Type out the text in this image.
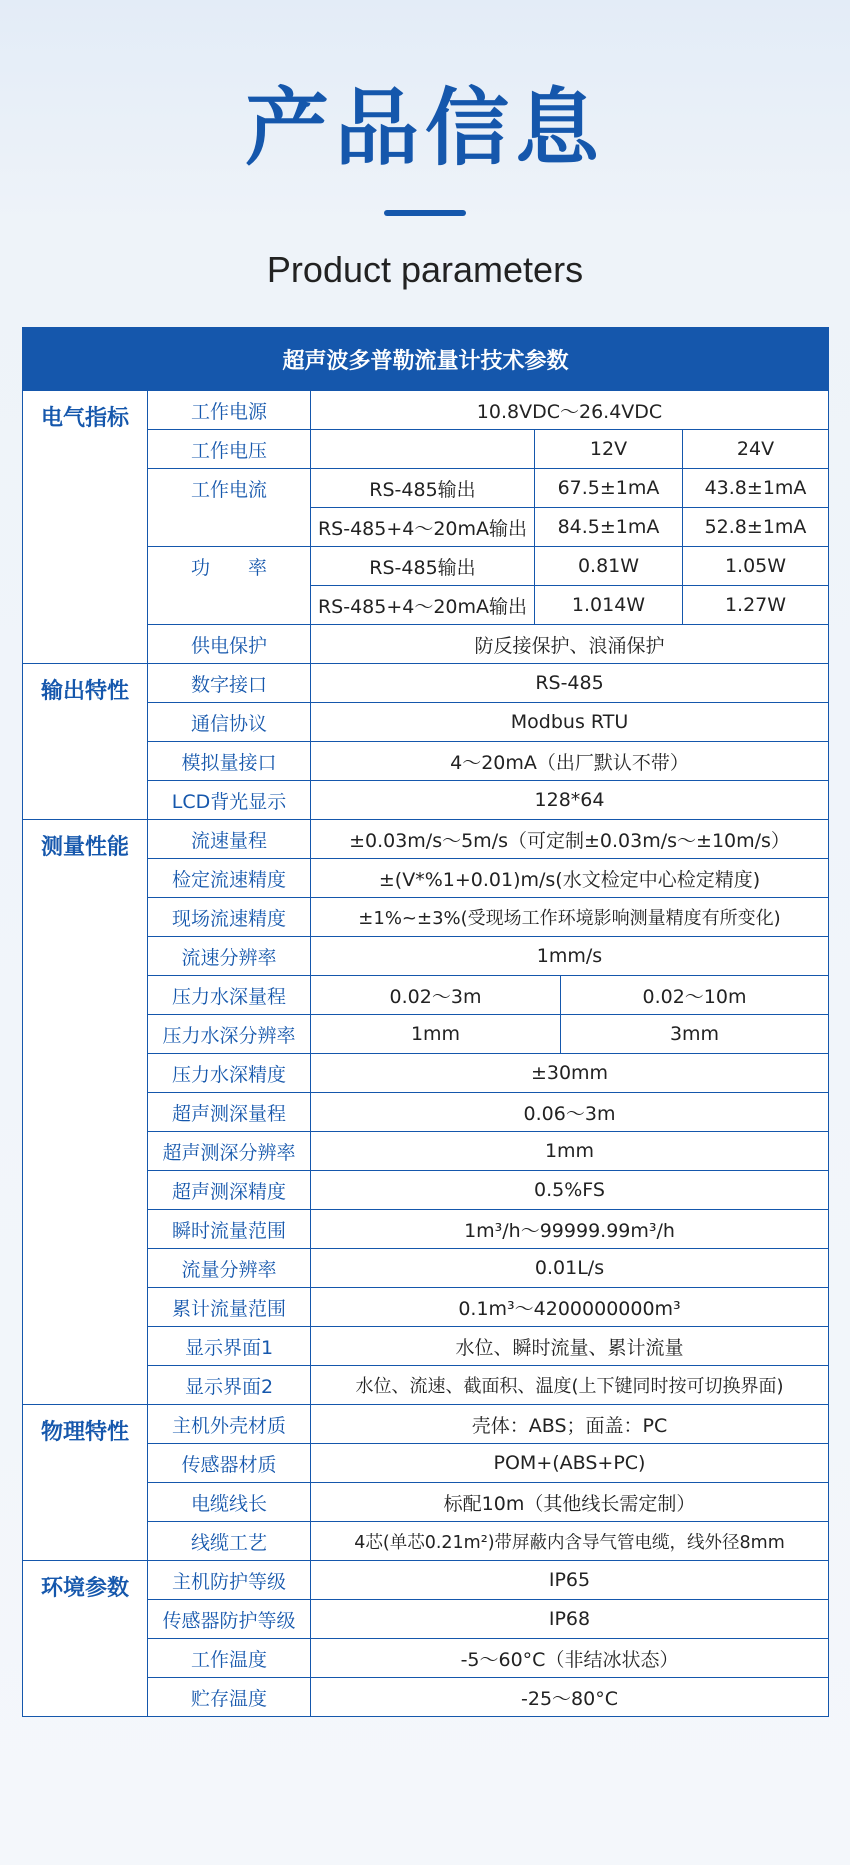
产品信息
Product parameters
超声波多普勒流量计技术参数					
电气指标	工作电源	10.8VDC～26.4VDC			
	工作电压		12V		24V
	工作电流	RS-485输出	67.5±1mA		43.8±1mA
		RS-485+4～20mA输出	84.5±1mA		52.8±1mA
	功　　率	RS-485输出	0.81W		1.05W
		RS-485+4～20mA输出	1.014W		1.27W
	供电保护	防反接保护、浪涌保护			
输出特性	数字接口	RS-485			
	通信协议	Modbus RTU			
	模拟量接口	4～20mA（出厂默认不带）			
	LCD背光显示	128*64			
测量性能	流速量程	±0.03m/s～5m/s（可定制±0.03m/s～±10m/s）			
	检定流速精度	±(V*%1+0.01)m/s(水文检定中心检定精度)			
	现场流速精度	±1%~±3%(受现场工作环境影响测量精度有所变化)			
	流速分辨率	1mm/s			
	压力水深量程	0.02～3m		0.02～10m	
	压力水深分辨率	1mm		3mm	
	压力水深精度	±30mm			
	超声测深量程	0.06～3m			
	超声测深分辨率	1mm			
	超声测深精度	0.5%FS			
	瞬时流量范围	1m³/h～99999.99m³/h			
	流量分辨率	0.01L/s			
	累计流量范围	0.1m³～4200000000m³			
	显示界面1	水位、瞬时流量、累计流量			
	显示界面2	水位、流速、截面积、温度(上下键同时按可切换界面)			
物理特性	主机外壳材质	壳体：ABS；面盖：PC			
	传感器材质	POM+(ABS+PC)			
	电缆线长	标配10m（其他线长需定制）			
	线缆工艺	4芯(单芯0.21m²)带屏蔽内含导气管电缆，线外径8mm			
环境参数	主机防护等级	IP65			
	传感器防护等级	IP68			
	工作温度	-5～60°C（非结冰状态）			
	贮存温度	-25～80°C			
